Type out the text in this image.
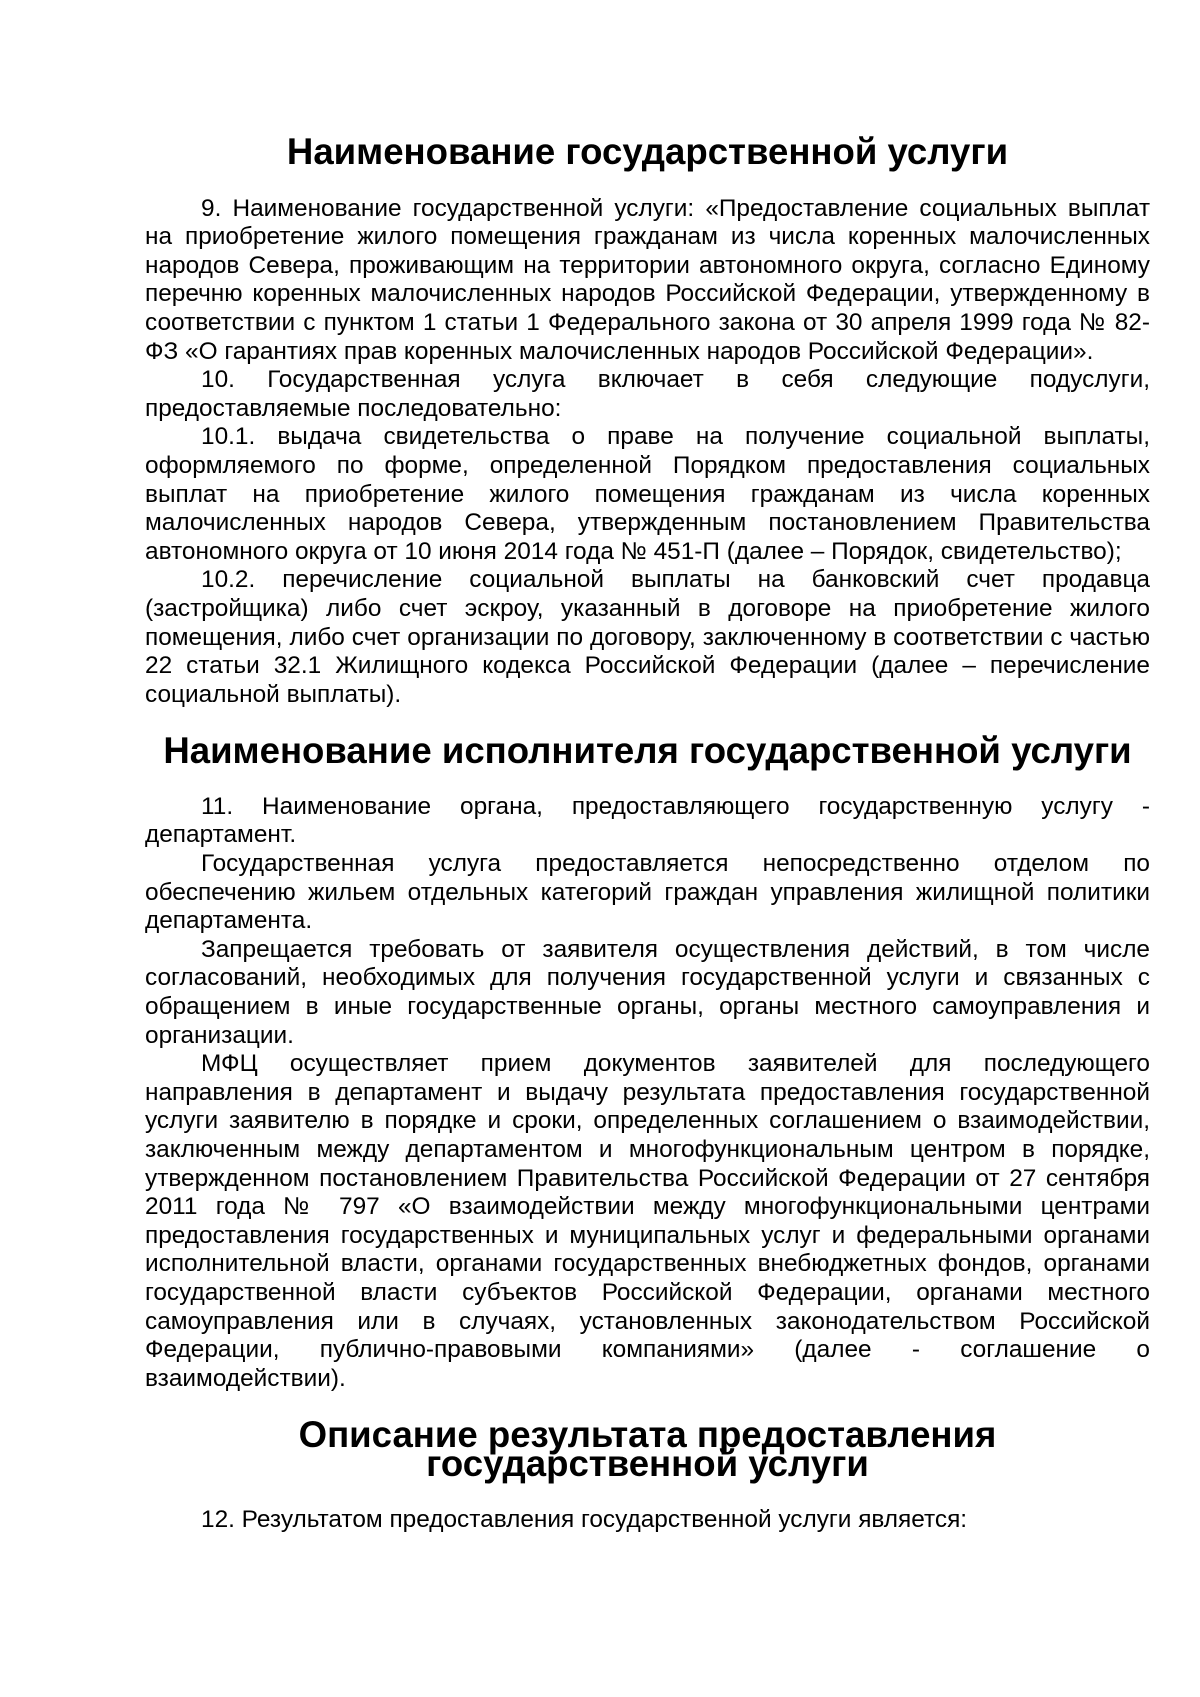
Наименование государственной услуги

9. Наименование государственной услуги: «Предоставление социальных выплат на приобретение жилого помещения гражданам из числа коренных малочисленных народов Севера, проживающим на территории автономного округа, согласно Единому перечню коренных малочисленных народов Российской Федерации, утвержденному в соответствии с пунктом 1 статьи 1 Федерального закона от 30 апреля 1999 года № 82-ФЗ «О гарантиях прав коренных малочисленных народов Российской Федерации».

10. Государственная услуга включает в себя следующие подуслуги, предоставляемые последовательно:

10.1. выдача свидетельства о праве на получение социальной выплаты, оформляемого по форме, определенной Порядком предоставления социальных выплат на приобретение жилого помещения гражданам из числа коренных малочисленных народов Севера, утвержденным постановлением Правительства автономного округа от 10 июня 2014 года № 451-П (далее – Порядок, свидетельство);

10.2. перечисление социальной выплаты на банковский счет продавца (застройщика) либо счет эскроу, указанный в договоре на приобретение жилого помещения, либо счет организации по договору, заключенному в соответствии с частью 22 статьи 32.1 Жилищного кодекса Российской Федерации (далее – перечисление социальной выплаты).

Наименование исполнителя государственной услуги

11. Наименование органа, предоставляющего государственную услугу - департамент.

Государственная услуга предоставляется непосредственно отделом по обеспечению жильем отдельных категорий граждан управления жилищной политики департамента.

Запрещается требовать от заявителя осуществления действий, в том числе согласований, необходимых для получения государственной услуги и связанных с обращением в иные государственные органы, органы местного самоуправления и организации.

МФЦ осуществляет прием документов заявителей для последующего направления в департамент и выдачу результата предоставления государственной услуги заявителю в порядке и сроки, определенных соглашением о взаимодействии, заключенным между департаментом и многофункциональным центром в порядке, утвержденном постановлением Правительства Российской Федерации от 27 сентября 2011 года № 797 «О взаимодействии между многофункциональными центрами предоставления государственных и муниципальных услуг и федеральными органами исполнительной власти, органами государственных внебюджетных фондов, органами государственной власти субъектов Российской Федерации, органами местного самоуправления или в случаях, установленных законодательством Российской Федерации, публично-правовыми компаниями» (далее - соглашение о взаимодействии).

Описание результата предоставления государственной услуги

12. Результатом предоставления государственной услуги является:
